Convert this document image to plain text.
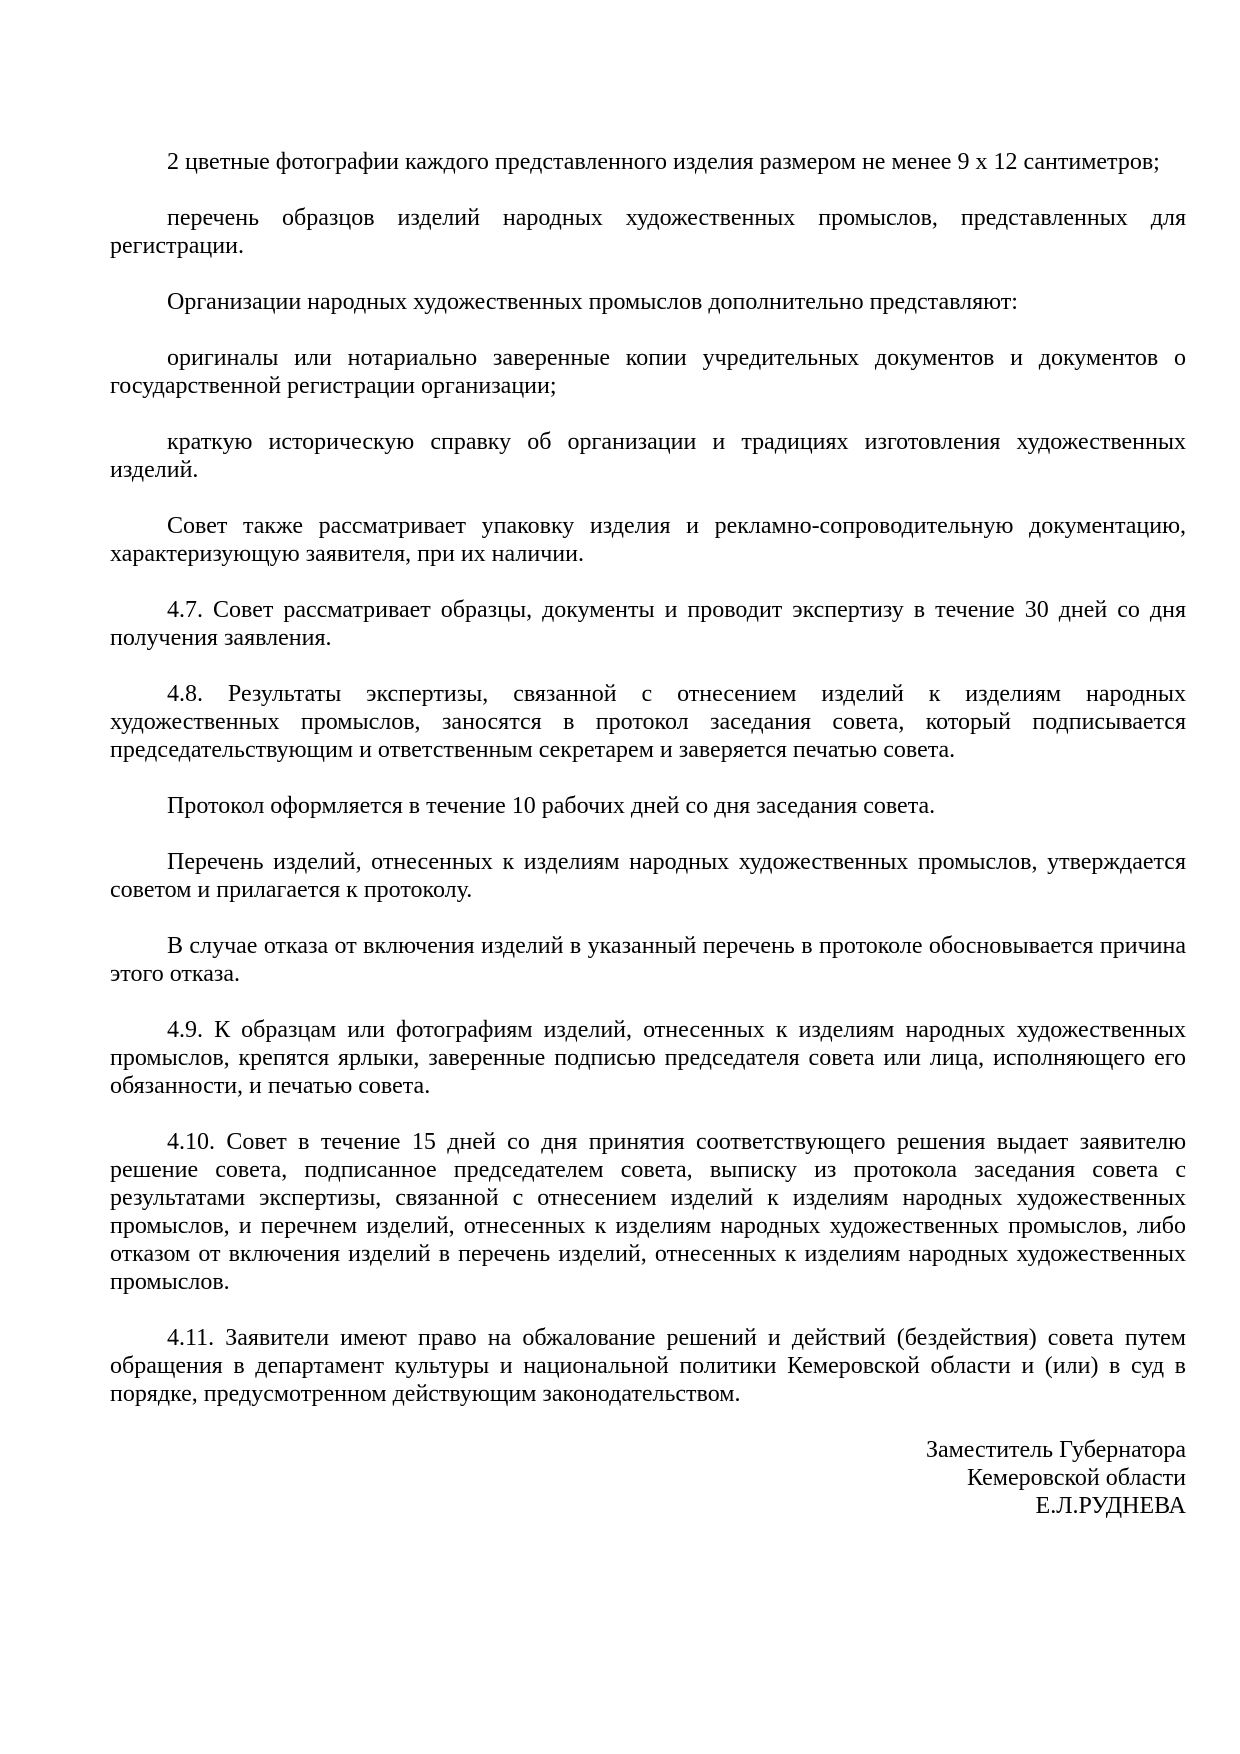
2 цветные фотографии каждого представленного изделия размером не менее 9 х 12 сантиметров;

перечень образцов изделий народных художественных промыслов, представленных для регистрации.

Организации народных художественных промыслов дополнительно представляют:

оригиналы или нотариально заверенные копии учредительных документов и документов о государственной регистрации организации;

краткую историческую справку об организации и традициях изготовления художественных изделий.

Совет также рассматривает упаковку изделия и рекламно-сопроводительную документацию, характеризующую заявителя, при их наличии.

4.7. Совет рассматривает образцы, документы и проводит экспертизу в течение 30 дней со дня получения заявления.

4.8. Результаты экспертизы, связанной с отнесением изделий к изделиям народных художественных промыслов, заносятся в протокол заседания совета, который подписывается председательствующим и ответственным секретарем и заверяется печатью совета.

Протокол оформляется в течение 10 рабочих дней со дня заседания совета.

Перечень изделий, отнесенных к изделиям народных художественных промыслов, утверждается советом и прилагается к протоколу.

В случае отказа от включения изделий в указанный перечень в протоколе обосновывается причина этого отказа.

4.9. К образцам или фотографиям изделий, отнесенных к изделиям народных художественных промыслов, крепятся ярлыки, заверенные подписью председателя совета или лица, исполняющего его обязанности, и печатью совета.

4.10. Совет в течение 15 дней со дня принятия соответствующего решения выдает заявителю решение совета, подписанное председателем совета, выписку из протокола заседания совета с результатами экспертизы, связанной с отнесением изделий к изделиям народных художественных промыслов, и перечнем изделий, отнесенных к изделиям народных художественных промыслов, либо отказом от включения изделий в перечень изделий, отнесенных к изделиям народных художественных промыслов.

4.11. Заявители имеют право на обжалование решений и действий (бездействия) совета путем обращения в департамент культуры и национальной политики Кемеровской области и (или) в суд в порядке, предусмотренном действующим законодательством.

Заместитель Губернатора
Кемеровской области
Е.Л.РУДНЕВА
